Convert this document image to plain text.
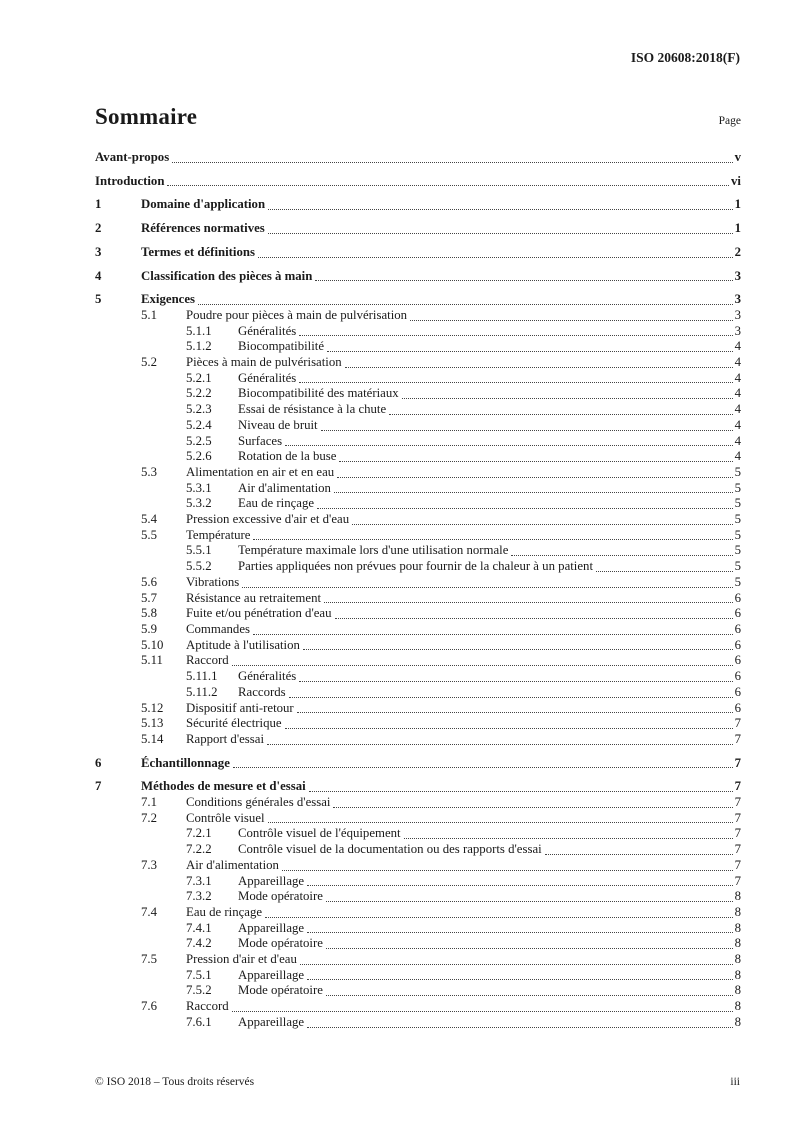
ISO 20608:2018(F)
Sommaire	Page
Avant-propos	v
Introduction	vi
1	Domaine d'application	1
2	Références normatives	1
3	Termes et définitions	2
4	Classification des pièces à main	3
5	Exigences	3
5.1	Poudre pour pièces à main de pulvérisation	3
5.1.1	Généralités	3
5.1.2	Biocompatibilité	4
5.2	Pièces à main de pulvérisation	4
5.2.1	Généralités	4
5.2.2	Biocompatibilité des matériaux	4
5.2.3	Essai de résistance à la chute	4
5.2.4	Niveau de bruit	4
5.2.5	Surfaces	4
5.2.6	Rotation de la buse	4
5.3	Alimentation en air et en eau	5
5.3.1	Air d'alimentation	5
5.3.2	Eau de rinçage	5
5.4	Pression excessive d'air et d'eau	5
5.5	Température	5
5.5.1	Température maximale lors d'une utilisation normale	5
5.5.2	Parties appliquées non prévues pour fournir de la chaleur à un patient	5
5.6	Vibrations	5
5.7	Résistance au retraitement	6
5.8	Fuite et/ou pénétration d'eau	6
5.9	Commandes	6
5.10	Aptitude à l'utilisation	6
5.11	Raccord	6
5.11.1	Généralités	6
5.11.2	Raccords	6
5.12	Dispositif anti-retour	6
5.13	Sécurité électrique	7
5.14	Rapport d'essai	7
6	Échantillonnage	7
7	Méthodes de mesure et d'essai	7
7.1	Conditions générales d'essai	7
7.2	Contrôle visuel	7
7.2.1	Contrôle visuel de l'équipement	7
7.2.2	Contrôle visuel de la documentation ou des rapports d'essai	7
7.3	Air d'alimentation	7
7.3.1	Appareillage	7
7.3.2	Mode opératoire	8
7.4	Eau de rinçage	8
7.4.1	Appareillage	8
7.4.2	Mode opératoire	8
7.5	Pression d'air et d'eau	8
7.5.1	Appareillage	8
7.5.2	Mode opératoire	8
7.6	Raccord	8
7.6.1	Appareillage	8
© ISO 2018 – Tous droits réservés	iii
